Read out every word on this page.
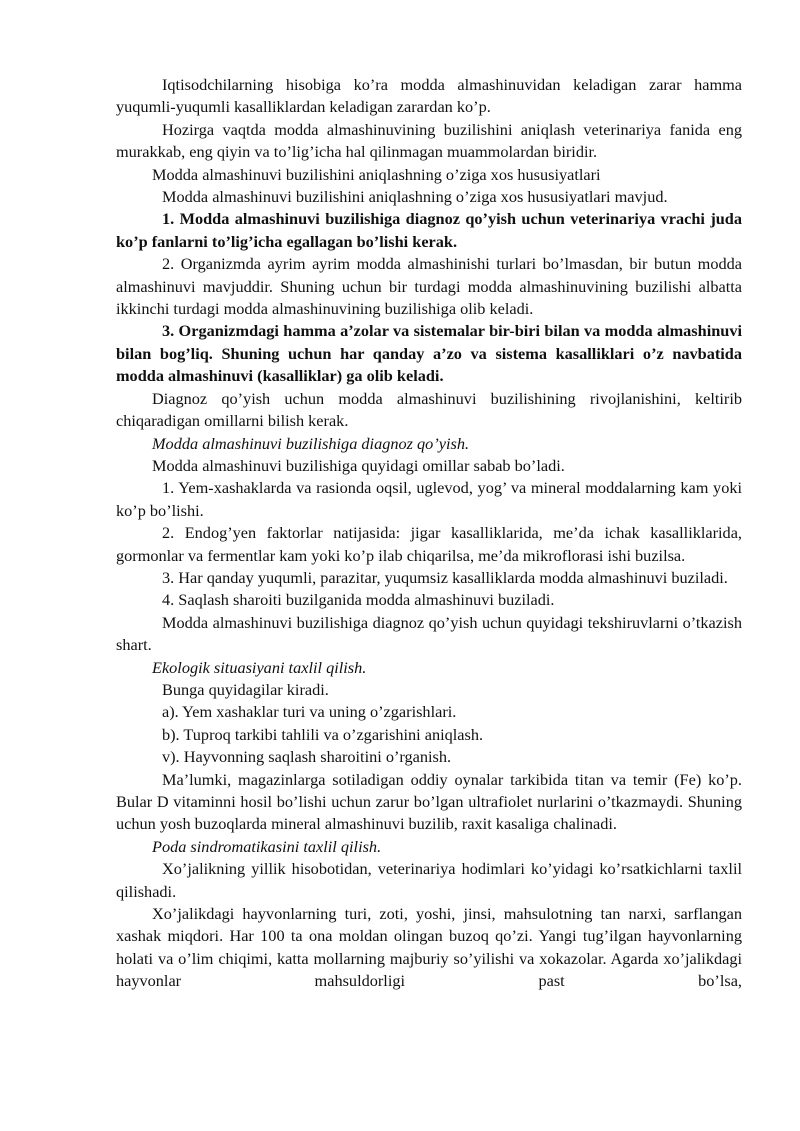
Iqtisodchilarning hisobiga ko’ra modda almashinuvidan keladigan zarar hamma yuqumli-yuqumli kasalliklardan keladigan zarardan ko’p.

Hozirga vaqtda modda almashinuvining buzilishini aniqlash veterinariya fanida eng murakkab, eng qiyin va to’lig’icha hal qilinmagan muammolardan biridir.

Modda almashinuvi buzilishini aniqlashning o’ziga xos hususiyatlari

Modda almashinuvi buzilishini aniqlashning o’ziga xos hususiyatlari mavjud.

1. Modda almashinuvi buzilishiga diagnoz qo’yish uchun veterinariya vrachi juda ko’p fanlarni to’lig’icha egallagan bo’lishi kerak.

2. Organizmda ayrim ayrim modda almashinishi turlari bo’lmasdan, bir butun modda almashinuvi mavjuddir. Shuning uchun bir turdagi modda almashinuvining buzilishi albatta ikkinchi turdagi modda almashinuvining buzilishiga olib keladi.

3. Organizmdagi hamma a’zolar va sistemalar bir-biri bilan va modda almashinuvi bilan bog’liq. Shuning uchun har qanday a’zo va sistema kasalliklari o’z navbatida modda almashinuvi (kasalliklar) ga olib keladi.

Diagnoz qo’yish uchun modda almashinuvi buzilishining rivojlanishini, keltirib chiqaradigan omillarni bilish kerak.

Modda almashinuvi buzilishiga diagnoz qo’yish.

Modda almashinuvi buzilishiga quyidagi omillar sabab bo’ladi.

1. Yem-xashaklarda va rasionda oqsil, uglevod, yog’ va mineral moddalarning kam yoki ko’p bo’lishi.

2. Endog’yen faktorlar natijasida: jigar kasalliklarida, me’da ichak kasalliklarida, gormonlar va fermentlar kam yoki ko’p ilab chiqarilsa, me’da mikroflorasi ishi buzilsa.

3. Har qanday yuqumli, parazitar, yuqumsiz kasalliklarda modda almashinuvi buziladi.

4. Saqlash sharoiti buzilganida modda almashinuvi buziladi.

Modda almashinuvi buzilishiga diagnoz qo’yish uchun quyidagi tekshiruvlarni o’tkazish shart.

Ekologik situasiyani taxlil qilish.

Bunga quyidagilar kiradi.

a). Yem xashaklar turi va uning o’zgarishlari.

b). Tuproq tarkibi tahlili va o’zgarishini aniqlash.

v). Hayvonning saqlash sharoitini o’rganish.

Ma’lumki, magazinlarga sotiladigan oddiy oynalar tarkibida titan va temir (Fe) ko’p. Bular D vitaminni hosil bo’lishi uchun zarur bo’lgan ultrafiolet nurlarini o’tkazmaydi. Shuning uchun yosh buzoqlarda mineral almashinuvi buzilib, raxit kasaliga chalinadi.

Poda sindromatikasini taxlil qilish.

Xo’jalikning yillik hisobotidan, veterinariya hodimlari ko’yidagi ko’rsatkichlarni taxlil qilishadi.

Xo’jalikdagi hayvonlarning turi, zoti, yoshi, jinsi, mahsulotning tan narxi, sarflangan xashak miqdori. Har 100 ta ona moldan olingan buzoq qo’zi. Yangi tug’ilgan hayvonlarning holati va o’lim chiqimi, katta mollarning majburiy so’yilishi va xokazolar. Agarda xo’jalikdagi hayvonlar mahsuldorligi past bo’lsa,
